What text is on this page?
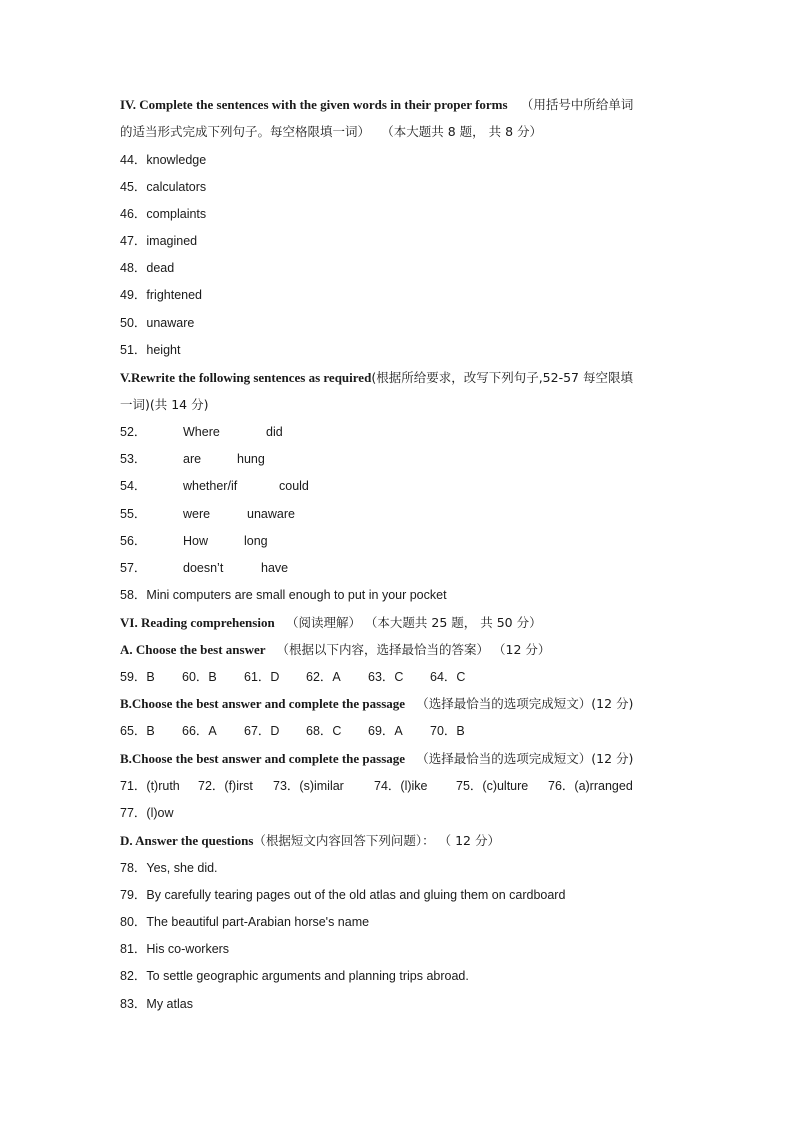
IV. Complete the sentences with the given words in their proper forms （用括号中所给单词
的适当形式完成下列句子。每空格限填一词） （本大题共 8 题， 共 8 分）
44．knowledge
45．calculators
46．complaints
47．imagined
48．dead
49．frightened
50．unaware
51．height
V.Rewrite the following sentences as required(根据所给要求，改写下列句子,52-57 每空限填
一词)(共 14 分)
52．	Where	did
53．	are	hung
54．	whether/if	could
55．	were	unaware
56．	How	long
57．	doesn’t	have
58．Mini computers are small enough to put in your pocket
VI. Reading comprehension （阅读理解） （本大题共 25 题， 共 50 分）
A. Choose the best answer （根据以下内容，选择最恰当的答案） （12 分）
59．B 60．B 61．D 62．A 63．C 64．C
B.Choose the best answer and complete the passage （选择最恰当的选项完成短文）(12 分)
65．B 66．A 67．D 68．C 69．A 70．B
B.Choose the best answer and complete the passage （选择最恰当的选项完成短文）(12 分)
71．(t)ruth 72．(f)irst 73．(s)imilar 74．(l)ike 75．(c)ulture 76．(a)rranged
77．(l)ow
D. Answer the questions（根据短文内容回答下列问题）： （ 12 分）
78．Yes, she did.
79．By carefully tearing pages out of the old atlas and gluing them on cardboard
80．The beautiful part-Arabian horse's name
81．His co-workers
82．To settle geographic arguments and planning trips abroad.
83．My atlas
